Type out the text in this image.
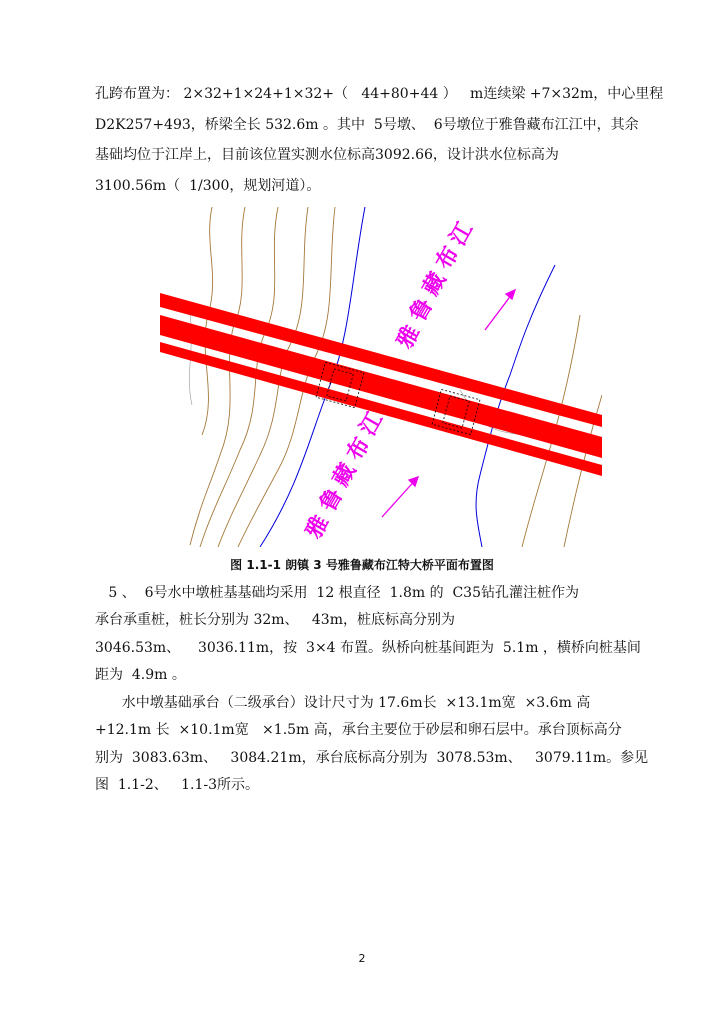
孔跨布置为： 2×32+1×24+1×32+（   44+80+44 ）   m连续梁 +7×32m，中心里程
D2K257+493，桥梁全长 532.6m 。其中  5号墩、  6号墩位于雅鲁藏布江江中，其余
基础均位于江岸上，目前该位置实测水位标高3092.66，设计洪水位标高为
3100.56m（  1/300，规划河道）。
江
布
藏
鲁
雅
江
布
藏
鲁
雅
图 1.1-1 朗镇 3 号雅鲁藏布江特大桥平面布置图
5 、  6号水中墩桩基基础均采用  12 根直径  1.8m 的  C35钻孔灌注桩作为
承台承重桩，桩长分别为 32m、   43m，桩底标高分别为
3046.53m、    3036.11m，按  3×4 布置。纵桥向桩基间距为  5.1m ，横桥向桩基间
距为  4.9m 。
水中墩基础承台（二级承台）设计尺寸为 17.6m长  ×13.1m宽  ×3.6m 高
+12.1m 长  ×10.1m宽   ×1.5m 高，承台主要位于砂层和卵石层中。承台顶标高分
别为  3083.63m、   3084.21m，承台底标高分别为  3078.53m、   3079.11m。参见
图  1.1-2、   1.1-3所示。
2
